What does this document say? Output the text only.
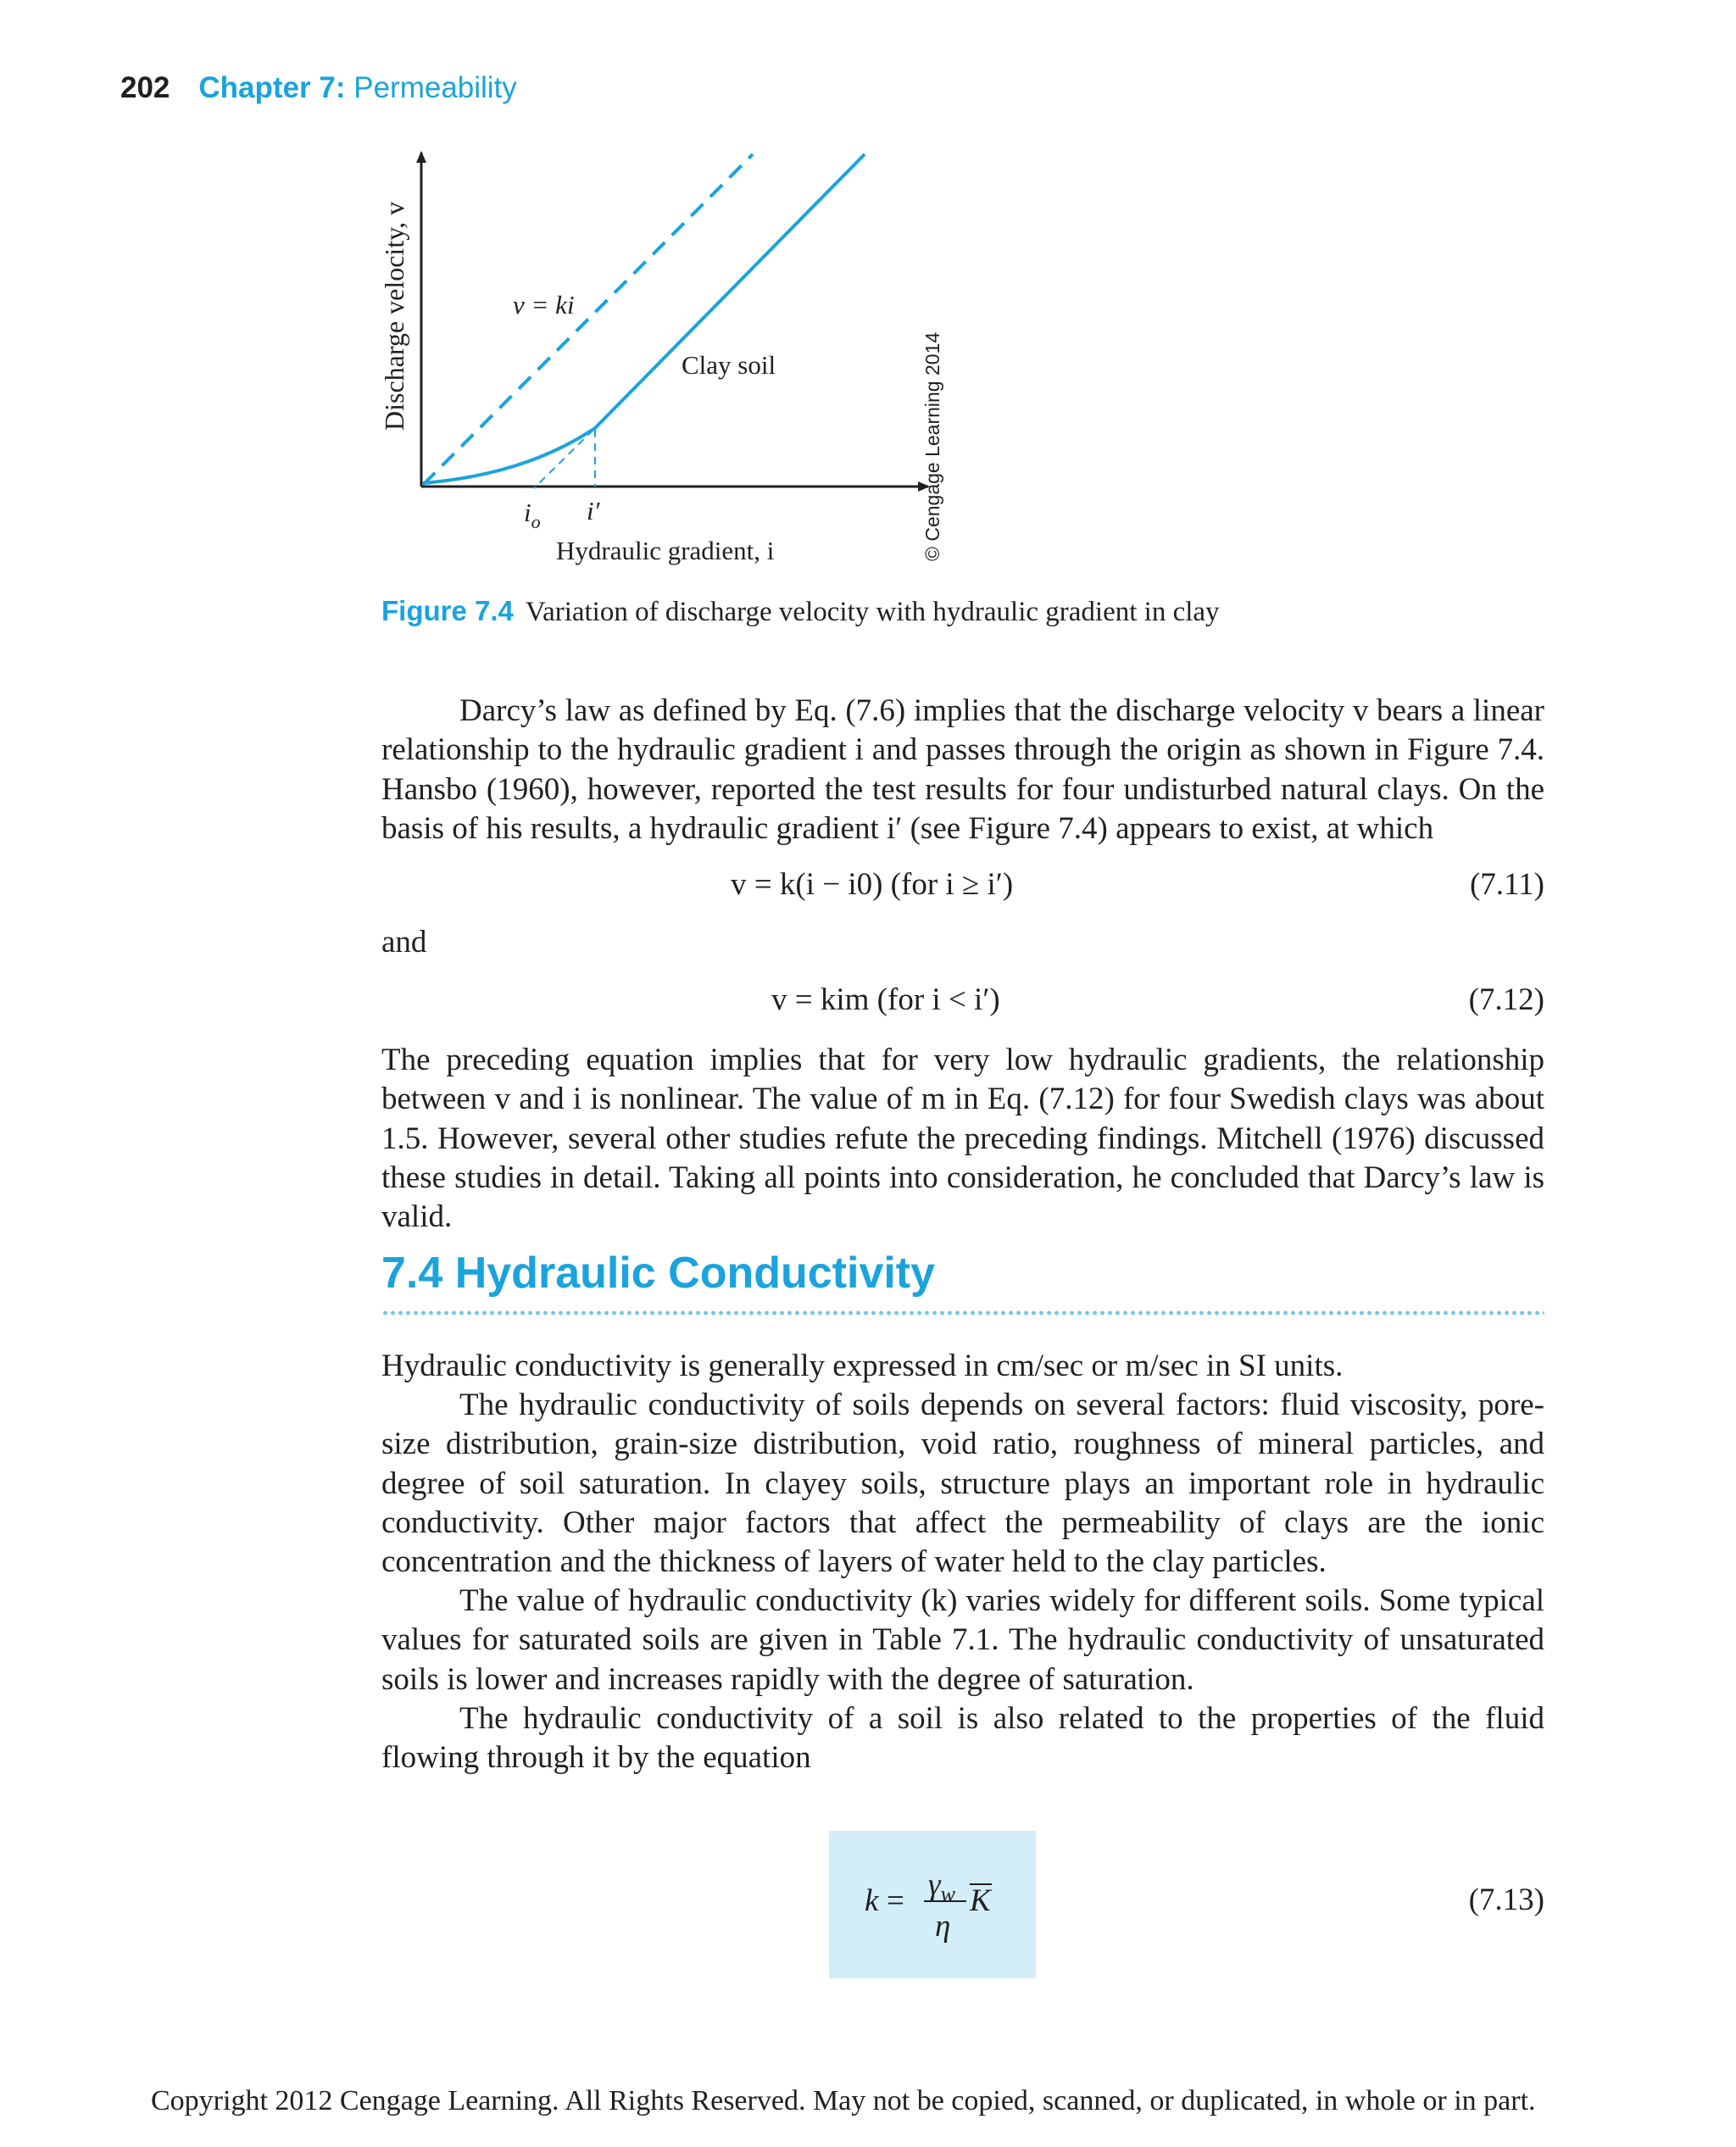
202 Chapter 7: Permeability
Discharge velocity, v	v = ki
Clay soil
$i_o$ i′
Hydraulic gradient, i	© Cengage Learning 2014
Figure 7.4 Variation of discharge velocity with hydraulic gradient in clay
Darcy’s law as defined by Eq. (7.6) implies that the discharge velocity v bears a linear relationship to the hydraulic gradient i and passes through the origin as shown in Figure 7.4. Hansbo (1960), however, reported the test results for four undisturbed natural clays. On the basis of his results, a hydraulic gradient i′ (see Figure 7.4) appears to exist, at which
v = k(i − i0) (for i ≥ i′)	(7.11)
and
v = kim (for i < i′)	(7.12)
The preceding equation implies that for very low hydraulic gradients, the relationship between v and i is nonlinear. The value of m in Eq. (7.12) for four Swedish clays was about 1.5. However, several other studies refute the preceding findings. Mitchell (1976) discussed these studies in detail. Taking all points into consideration, he concluded that Darcy’s law is valid.
7.4 Hydraulic Conductivity
Hydraulic conductivity is generally expressed in cm/sec or m/sec in SI units.
The hydraulic conductivity of soils depends on several factors: fluid viscosity, pore-size distribution, grain-size distribution, void ratio, roughness of mineral particles, and degree of soil saturation. In clayey soils, structure plays an important role in hydraulic conductivity. Other major factors that affect the permeability of clays are the ionic concentration and the thickness of layers of water held to the clay particles.
The value of hydraulic conductivity (k) varies widely for different soils. Some typical values for saturated soils are given in Table 7.1. The hydraulic conductivity of unsaturated soils is lower and increases rapidly with the degree of saturation.
The hydraulic conductivity of a soil is also related to the properties of the fluid flowing through it by the equation
$k = \gamma_w$
η
K	(7.13)
Copyright 2012 Cengage Learning. All Rights Reserved. May not be copied, scanned, or duplicated, in whole or in part.
